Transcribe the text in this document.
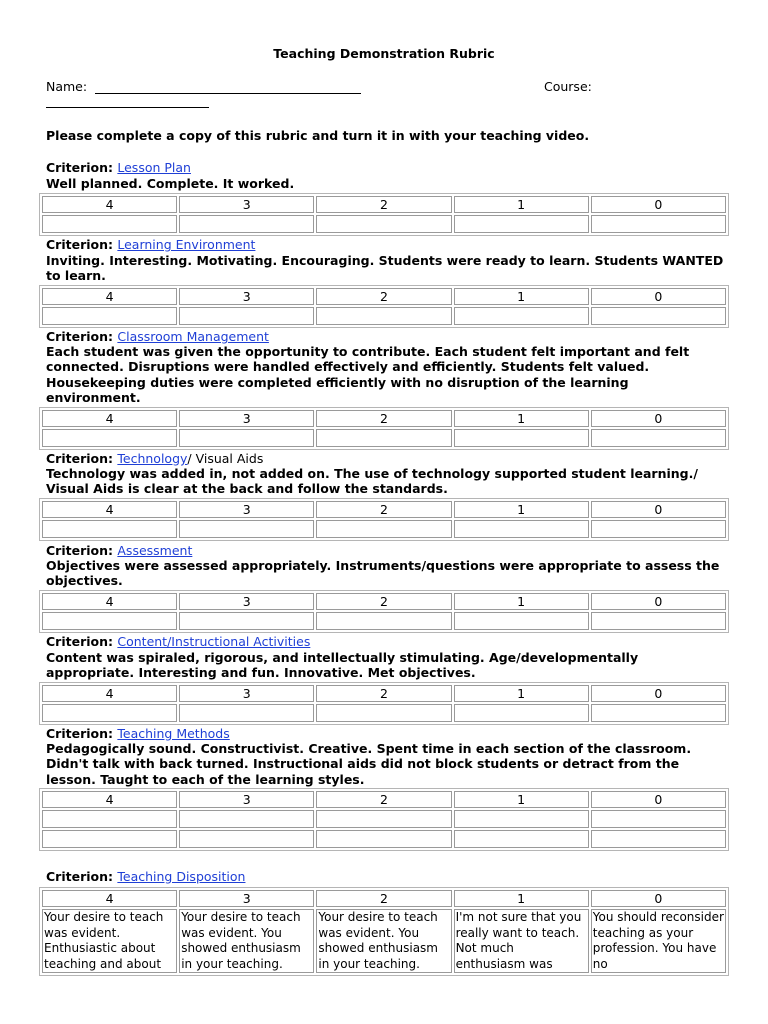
Teaching Demonstration Rubric
Name:	Course:
Please complete a copy of this rubric and turn it in with your teaching video.
Criterion: Lesson Plan
Well planned. Complete. It worked.
4	3	2	1	0

Criterion: Learning Environment
Inviting. Interesting. Motivating. Encouraging. Students were ready to learn. Students WANTED to learn.
4	3	2	1	0

Criterion: Classroom Management
Each student was given the opportunity to contribute. Each student felt important and felt connected. Disruptions were handled effectively and efficiently. Students felt valued. Housekeeping duties were completed efficiently with no disruption of the learning environment.
4	3	2	1	0

Criterion: Technology/ Visual Aids
Technology was added in, not added on. The use of technology supported student learning./ Visual Aids is clear at the back and follow the standards.
4	3	2	1	0

Criterion: Assessment
Objectives were assessed appropriately. Instruments/questions were appropriate to assess the objectives.
4	3	2	1	0

Criterion: Content/Instructional Activities
Content was spiraled, rigorous, and intellectually stimulating. Age/developmentally appropriate. Interesting and fun. Innovative. Met objectives.
4	3	2	1	0

Criterion: Teaching Methods
Pedagogically sound. Constructivist. Creative. Spent time in each section of the classroom. Didn't talk with back turned. Instructional aids did not block students or detract from the lesson. Taught to each of the learning styles.
4	3	2	1	0

Criterion: Teaching Disposition
4	3	2	1	0
Your desire to teach was evident. Enthusiastic about teaching and about	Your desire to teach was evident. You showed enthusiasm in your teaching.	Your desire to teach was evident. You showed enthusiasm in your teaching.	I'm not sure that you really want to teach. Not much enthusiasm was	You should reconsider teaching as your profession. You have no
